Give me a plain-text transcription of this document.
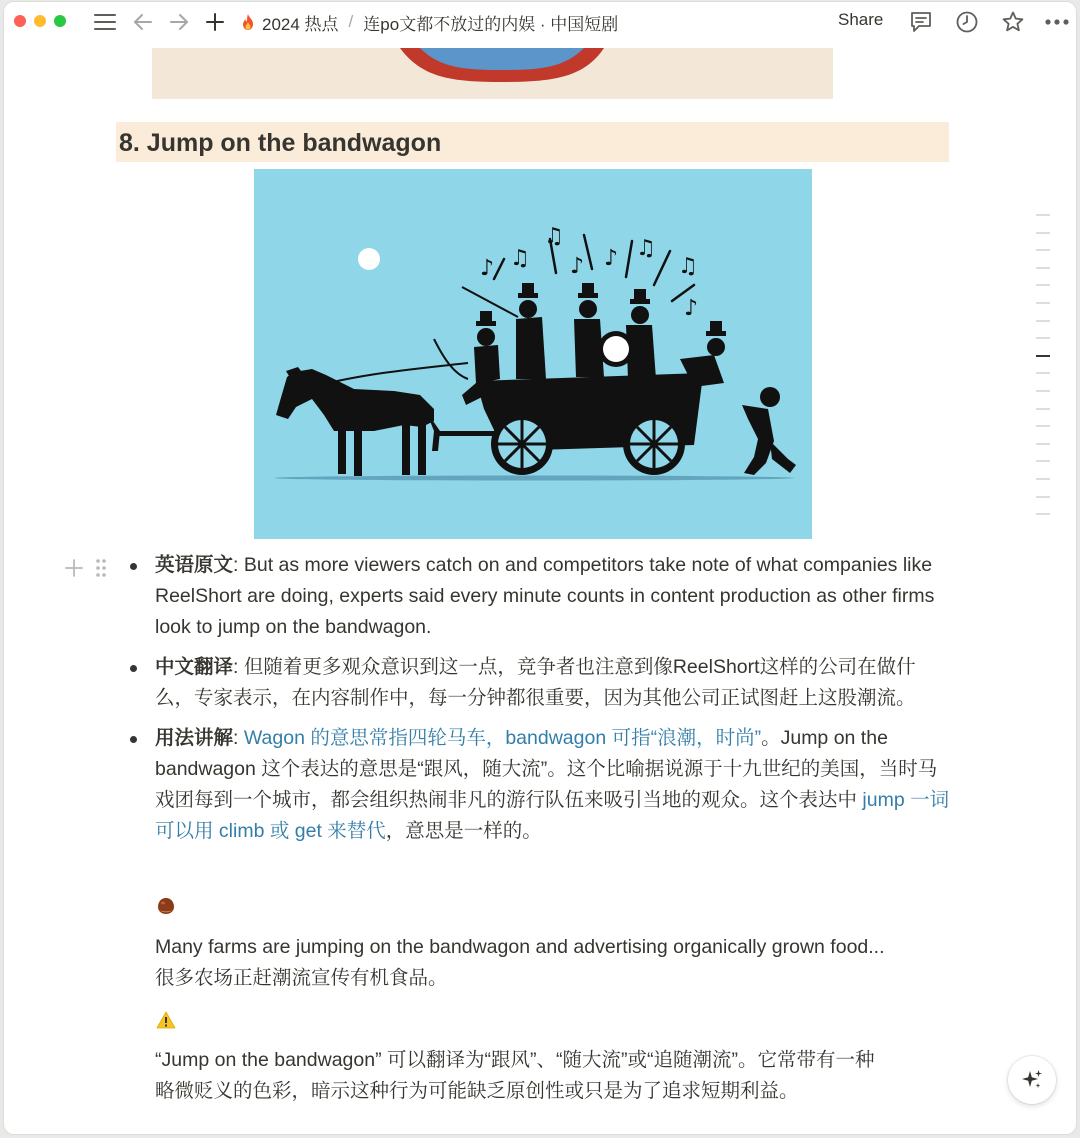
2024 热点 / 连po文都不放过的内娱 · 中国短剧	Share
8. Jump on the bandwagon
♫
♫
♪ ♪ ♫
♫
♪
♪
英语原文: But as more viewers catch on and competitors take note of what companies like ReelShort are doing, experts said every minute counts in content production as other firms look to jump on the bandwagon.
中文翻译: 但随着更多观众意识到这一点，竞争者也注意到像ReelShort这样的公司在做什么，专家表示，在内容制作中，每一分钟都很重要，因为其他公司正试图赶上这股潮流。
用法讲解: Wagon 的意思常指四轮马车，bandwagon 可指“浪潮，时尚”。Jump on the bandwagon 这个表达的意思是“跟风，随大流”。这个比喻据说源于十九世纪的美国，当时马戏团每到一个城市，都会组织热闹非凡的游行队伍来吸引当地的观众。这个表达中 jump 一词可以用 climb 或 get 来替代，意思是一样的。
Many farms are jumping on the bandwagon and advertising organically grown food...
很多农场正赶潮流宣传有机食品。
“Jump on the bandwagon” 可以翻译为“跟风”、“随大流”或“追随潮流”。它常带有一种
略微贬义的色彩，暗示这种行为可能缺乏原创性或只是为了追求短期利益。
